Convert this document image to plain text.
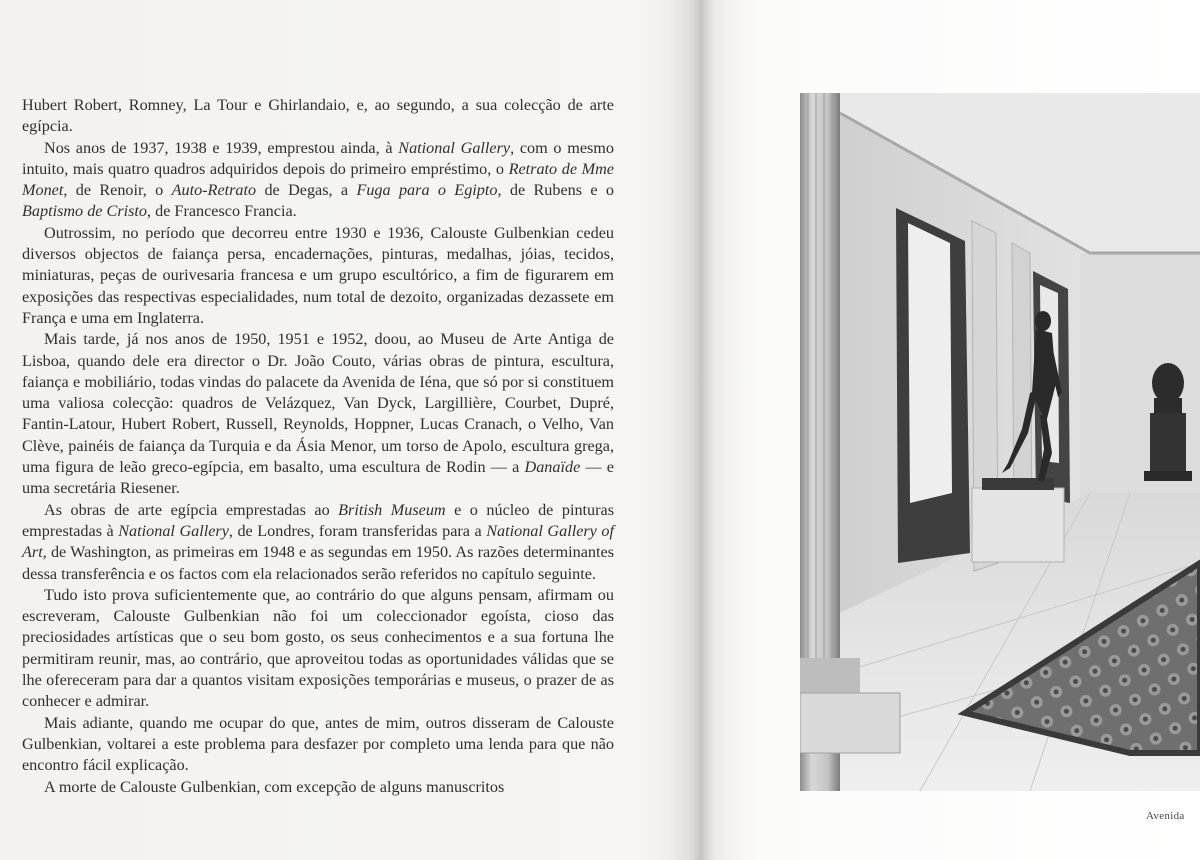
Hubert Robert, Romney, La Tour e Ghirlandaio, e, ao segundo, a sua colecção de arte egípcia.

Nos anos de 1937, 1938 e 1939, emprestou ainda, à National Gallery, com o mesmo intuito, mais quatro quadros adquiridos depois do primeiro empréstimo, o Retrato de Mme Monet, de Renoir, o Auto-Retrato de Degas, a Fuga para o Egipto, de Rubens e o Baptismo de Cristo, de Francesco Francia.

Outrossim, no período que decorreu entre 1930 e 1936, Calouste Gulbenkian cedeu diversos objectos de faiança persa, encadernações, pinturas, medalhas, jóias, tecidos, miniaturas, peças de ourivesaria francesa e um grupo escultórico, a fim de figurarem em exposições das respectivas especialidades, num total de dezoito, organizadas dezassete em França e uma em Inglaterra.

Mais tarde, já nos anos de 1950, 1951 e 1952, doou, ao Museu de Arte Antiga de Lisboa, quando dele era director o Dr. João Couto, várias obras de pintura, escultura, faiança e mobiliário, todas vindas do palacete da Avenida de Iéna, que só por si constituem uma valiosa colecção: quadros de Velázquez, Van Dyck, Largillière, Courbet, Dupré, Fantin-Latour, Hubert Robert, Russell, Reynolds, Hoppner, Lucas Cranach, o Velho, Van Clève, painéis de faiança da Turquia e da Ásia Menor, um torso de Apolo, escultura grega, uma figura de leão greco-egípcia, em basalto, uma escultura de Rodin — a Danaïde — e uma secretária Riesener.

As obras de arte egípcia emprestadas ao British Museum e o núcleo de pinturas emprestadas à National Gallery, de Londres, foram transferidas para a National Gallery of Art, de Washington, as primeiras em 1948 e as segundas em 1950. As razões determinantes dessa transferência e os factos com ela relacionados serão referidos no capítulo seguinte.

Tudo isto prova suficientemente que, ao contrário do que alguns pensam, afirmam ou escreveram, Calouste Gulbenkian não foi um coleccionador egoísta, cioso das preciosidades artísticas que o seu bom gosto, os seus conhecimentos e a sua fortuna lhe permitiram reunir, mas, ao contrário, que aproveitou todas as oportunidades válidas que se lhe ofereceram para dar a quantos visitam exposições temporárias e museus, o prazer de as conhecer e admirar.

Mais adiante, quando me ocupar do que, antes de mim, outros disseram de Calouste Gulbenkian, voltarei a este problema para desfazer por completo uma lenda para que não encontro fácil explicação.

A morte de Calouste Gulbenkian, com excepção de alguns manuscritos

Avenida
